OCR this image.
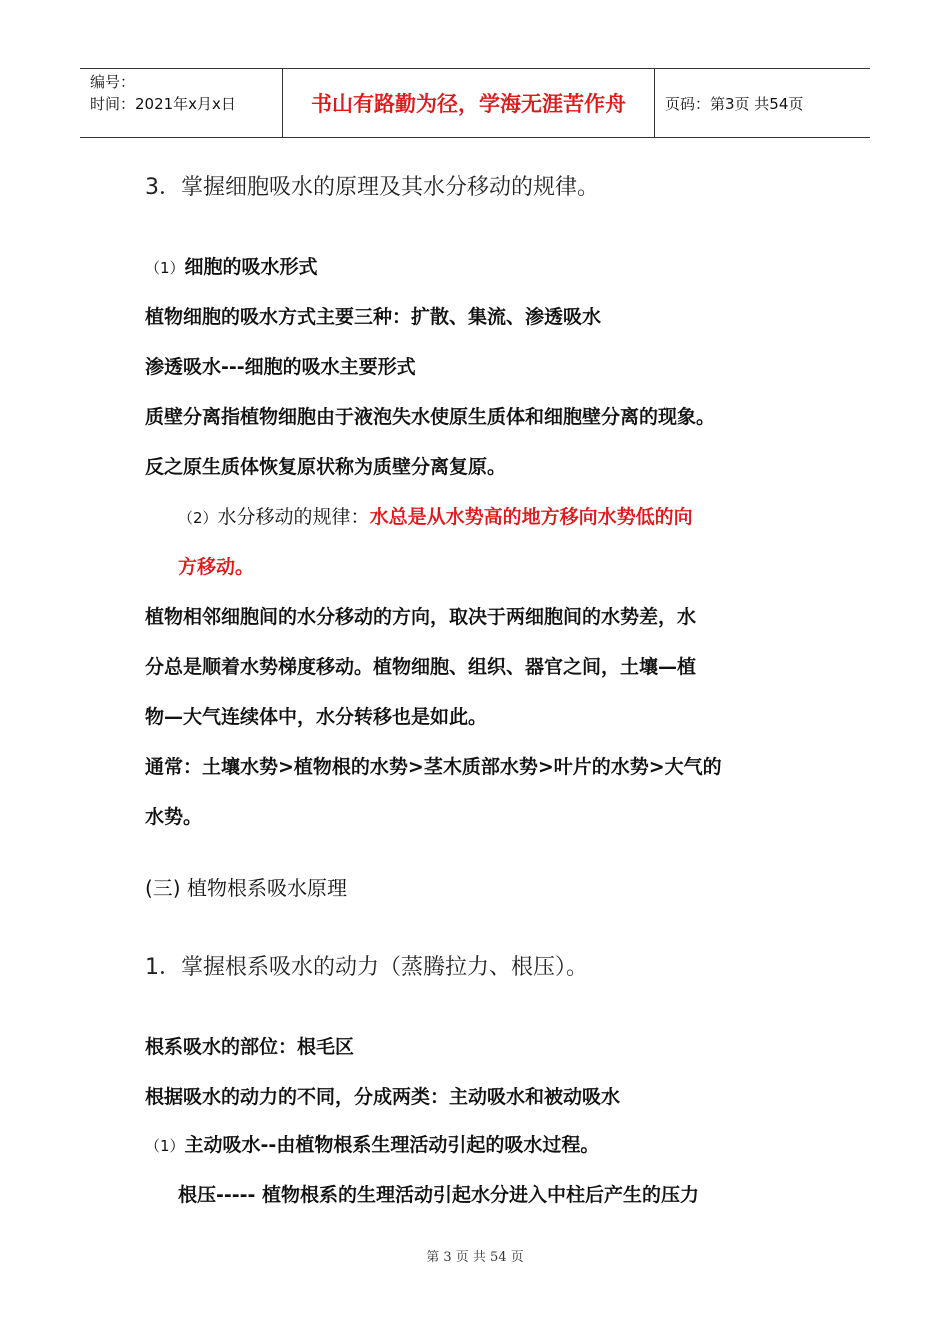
编号：
时间：2021年x月x日	书山有路勤为径，学海无涯苦作舟	页码：第3页 共54页
3．掌握细胞吸水的原理及其水分移动的规律。
（1）细胞的吸水形式
植物细胞的吸水方式主要三种：扩散、集流、渗透吸水
渗透吸水---细胞的吸水主要形式
质壁分离指植物细胞由于液泡失水使原生质体和细胞壁分离的现象。
反之原生质体恢复原状称为质壁分离复原。
（2）水分移动的规律：水总是从水势高的地方移向水势低的向
方移动。
植物相邻细胞间的水分移动的方向，取决于两细胞间的水势差，水
分总是顺着水势梯度移动。植物细胞、组织、器官之间，土壤—植
物—大气连续体中，水分转移也是如此。
通常：土壤水势>植物根的水势>茎木质部水势>叶片的水势>大气的
水势。
(三) 植物根系吸水原理
1．掌握根系吸水的动力（蒸腾拉力、根压）。
根系吸水的部位：根毛区
根据吸水的动力的不同，分成两类：主动吸水和被动吸水
（1）主动吸水--由植物根系生理活动引起的吸水过程。
根压----- 植物根系的生理活动引起水分进入中柱后产生的压力
第 3 页 共 54 页
